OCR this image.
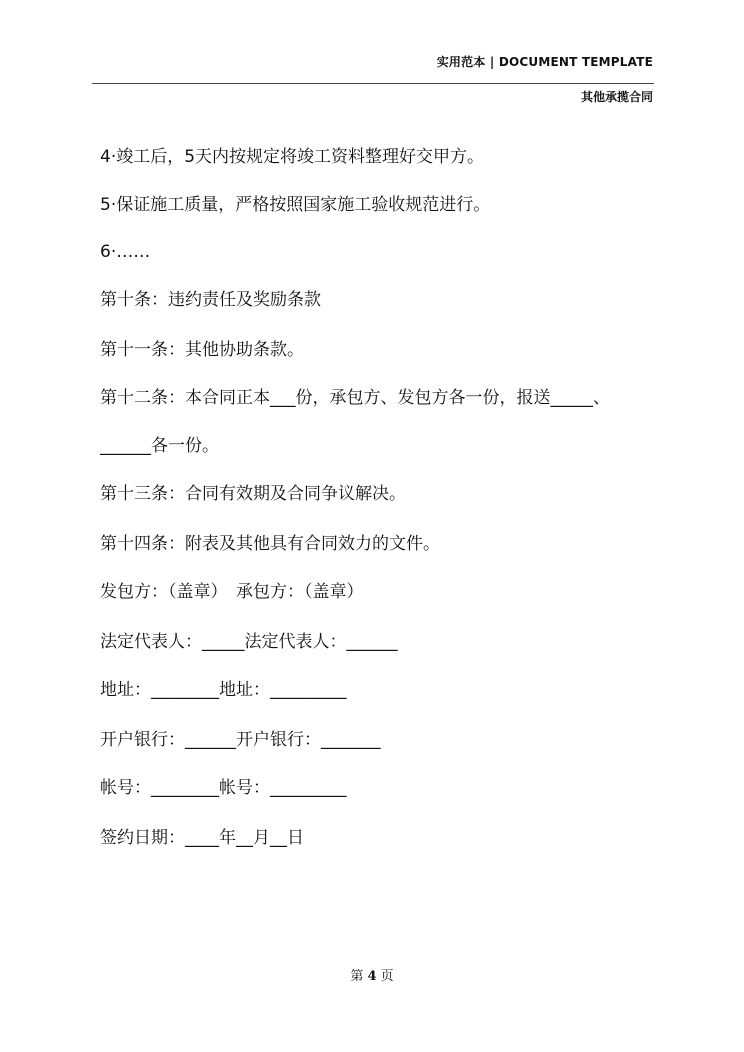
实用范本 | DOCUMENT TEMPLATE
其他承揽合同
4·竣工后，5天内按规定将竣工资料整理好交甲方。
5·保证施工质量，严格按照国家施工验收规范进行。
6·……
第十条：违约责任及奖励条款
第十一条：其他协助条款。
第十二条：本合同正本___份，承包方、发包方各一份，报送_____、
______各一份。
第十三条：合同有效期及合同争议解决。
第十四条：附表及其他具有合同效力的文件。
发包方：（盖章）　承包方：（盖章）
法定代表人：_____法定代表人：______
地址：________地址：_________
开户银行：______开户银行：_______
帐号：________帐号：_________
签约日期：____年__月__日
第 4 页
